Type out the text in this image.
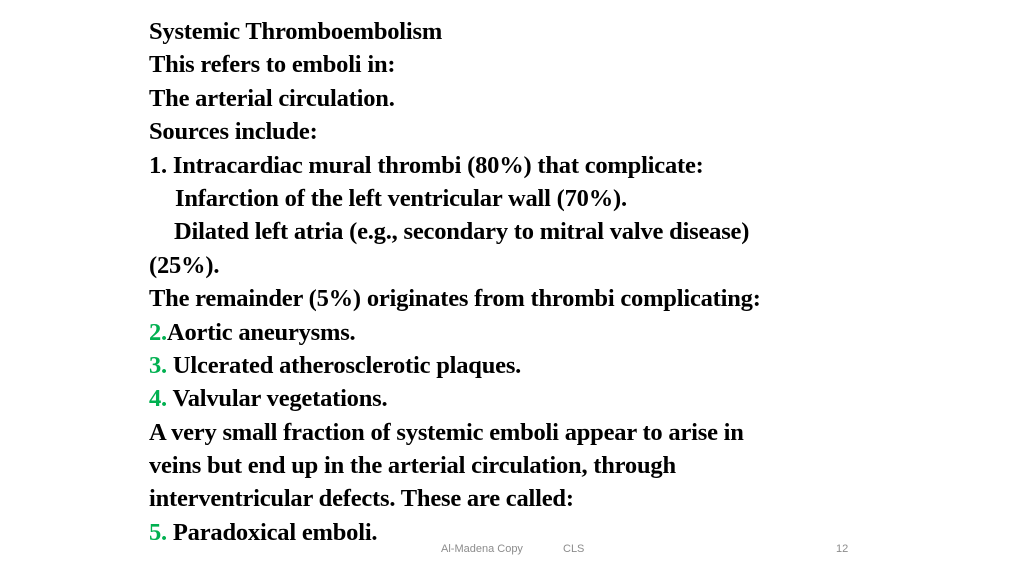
Systemic Thromboembolism
This refers to emboli in:
The arterial circulation.
Sources include:
1. Intracardiac mural thrombi (80%) that complicate:
Infarction of the left ventricular wall (70%).
Dilated left atria (e.g., secondary to mitral valve disease)
(25%).
The remainder (5%) originates from thrombi complicating:
2.Aortic aneurysms.
3. Ulcerated atherosclerotic plaques.
4. Valvular vegetations.
A very small fraction of systemic emboli appear to arise in
veins but end up in the arterial circulation, through
interventricular defects. These are called:
5. Paradoxical emboli.
Al-Madena Copy	CLS	12
